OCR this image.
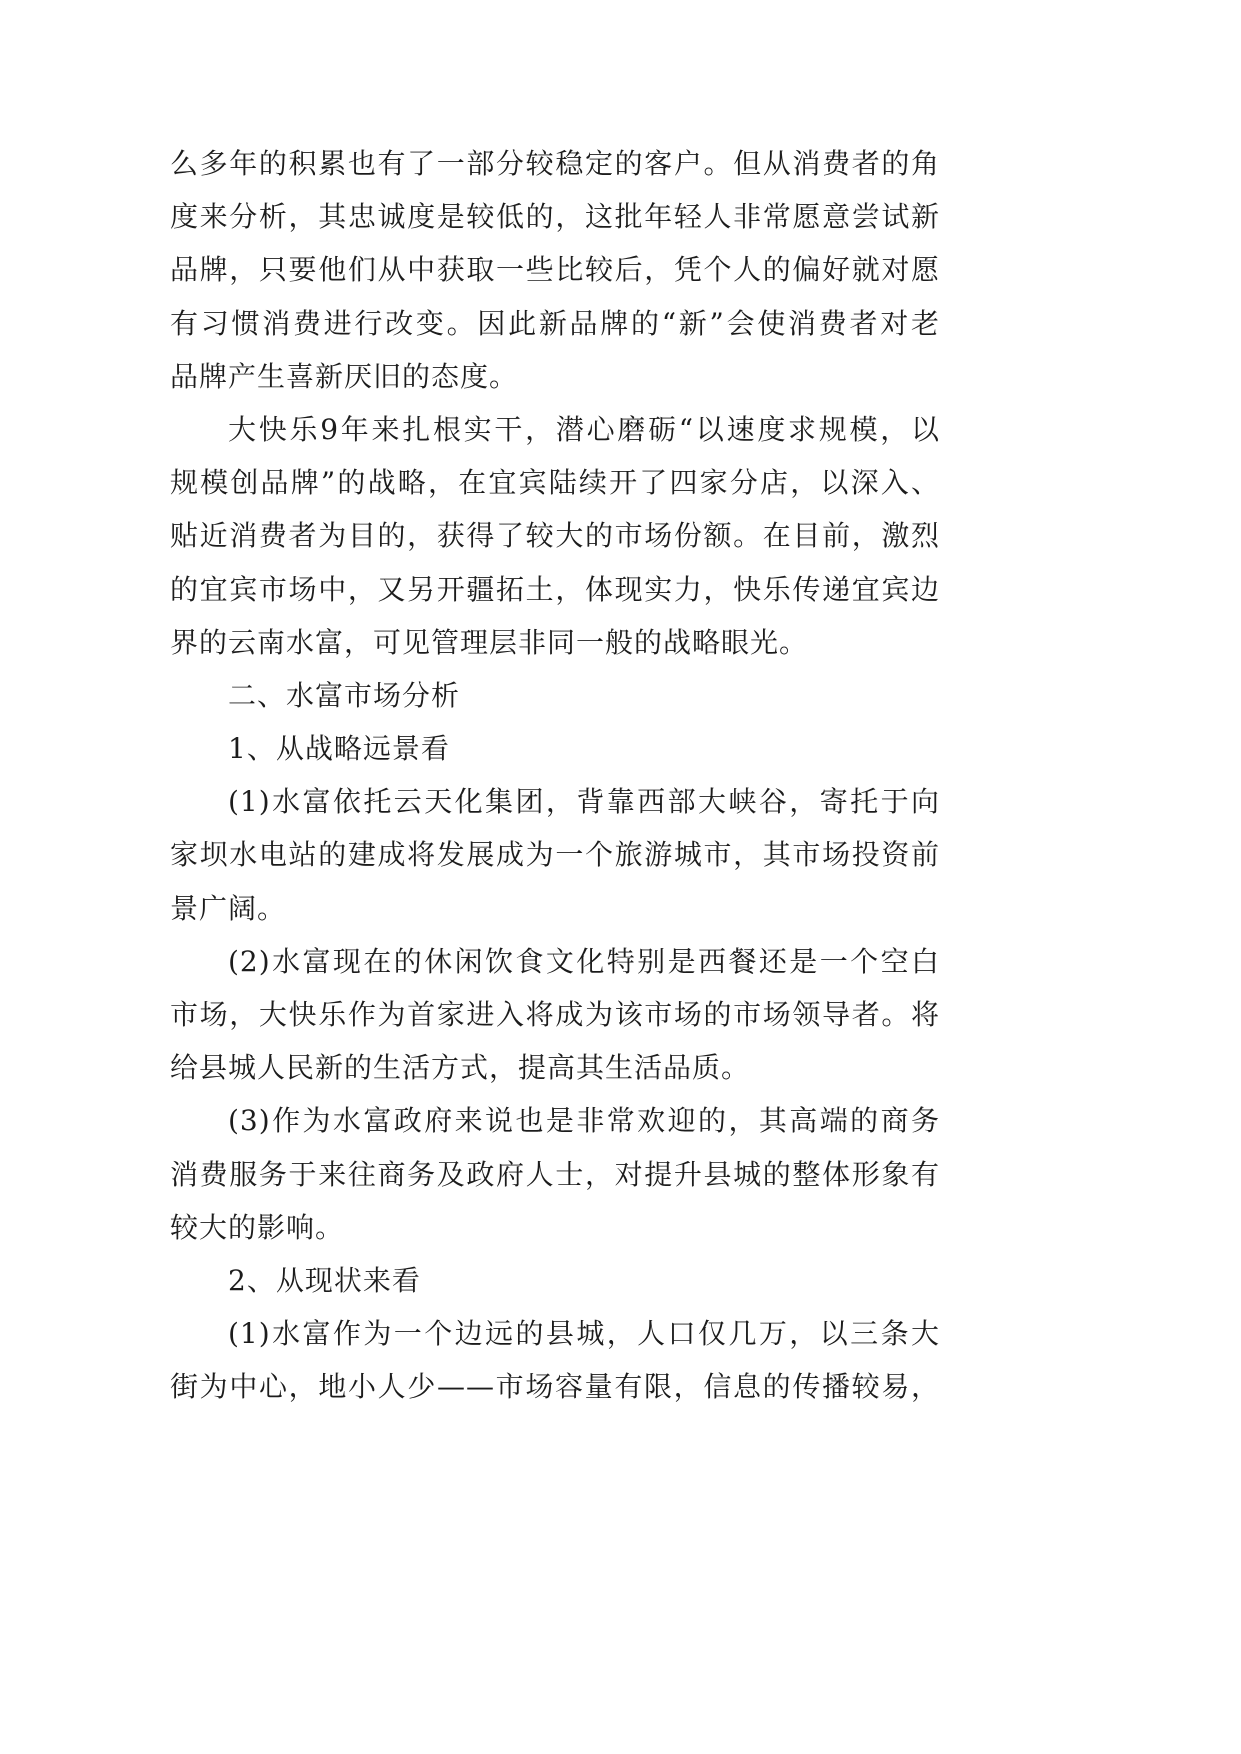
么多年的积累也有了一部分较稳定的客户。但从消费者的角
度来分析，其忠诚度是较低的，这批年轻人非常愿意尝试新
品牌，只要他们从中获取一些比较后，凭个人的偏好就对愿
有习惯消费进行改变。因此新品牌的“新”会使消费者对老
品牌产生喜新厌旧的态度。
大快乐9年来扎根实干，潜心磨砺“以速度求规模，以
规模创品牌”的战略，在宜宾陆续开了四家分店，以深入、
贴近消费者为目的，获得了较大的市场份额。在目前，激烈
的宜宾市场中，又另开疆拓土，体现实力，快乐传递宜宾边
界的云南水富，可见管理层非同一般的战略眼光。
二、水富市场分析
1、从战略远景看
(1)水富依托云天化集团，背靠西部大峡谷，寄托于向
家坝水电站的建成将发展成为一个旅游城市，其市场投资前
景广阔。
(2)水富现在的休闲饮食文化特别是西餐还是一个空白
市场，大快乐作为首家进入将成为该市场的市场领导者。将
给县城人民新的生活方式，提高其生活品质。
(3)作为水富政府来说也是非常欢迎的，其高端的商务
消费服务于来往商务及政府人士，对提升县城的整体形象有
较大的影响。
2、从现状来看
(1)水富作为一个边远的县城，人口仅几万，以三条大
街为中心，地小人少——市场容量有限，信息的传播较易，
